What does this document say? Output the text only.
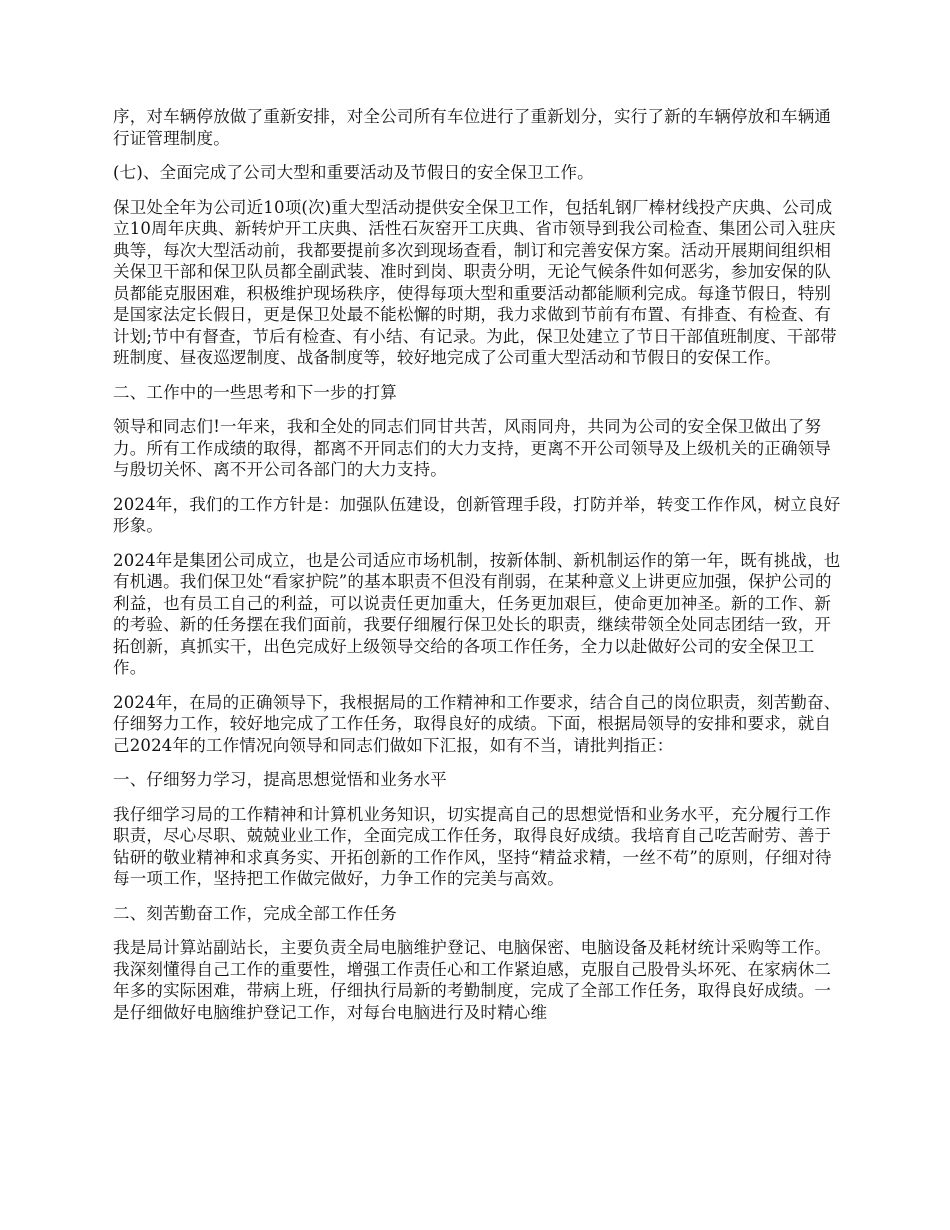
序，对车辆停放做了重新安排，对全公司所有车位进行了重新划分，实行了新的车辆停放和车辆通行证管理制度。

(七)、全面完成了公司大型和重要活动及节假日的安全保卫工作。

保卫处全年为公司近10项(次)重大型活动提供安全保卫工作，包括轧钢厂棒材线投产庆典、公司成立10周年庆典、新转炉开工庆典、活性石灰窑开工庆典、省市领导到我公司检查、集团公司入驻庆典等，每次大型活动前，我都要提前多次到现场查看，制订和完善安保方案。活动开展期间组织相关保卫干部和保卫队员都全副武装、准时到岗、职责分明，无论气候条件如何恶劣，参加安保的队员都能克服困难，积极维护现场秩序，使得每项大型和重要活动都能顺利完成。每逢节假日，特别是国家法定长假日，更是保卫处最不能松懈的时期，我力求做到节前有布置、有排查、有检查、有计划;节中有督查，节后有检查、有小结、有记录。为此，保卫处建立了节日干部值班制度、干部带班制度、昼夜巡逻制度、战备制度等，较好地完成了公司重大型活动和节假日的安保工作。

二、工作中的一些思考和下一步的打算

领导和同志们!一年来，我和全处的同志们同甘共苦，风雨同舟，共同为公司的安全保卫做出了努力。所有工作成绩的取得，都离不开同志们的大力支持，更离不开公司领导及上级机关的正确领导与殷切关怀、离不开公司各部门的大力支持。

2024年，我们的工作方针是：加强队伍建设，创新管理手段，打防并举，转变工作作风，树立良好形象。

2024年是集团公司成立，也是公司适应市场机制，按新体制、新机制运作的第一年，既有挑战，也有机遇。我们保卫处“看家护院”的基本职责不但没有削弱，在某种意义上讲更应加强，保护公司的利益，也有员工自己的利益，可以说责任更加重大，任务更加艰巨，使命更加神圣。新的工作、新的考验、新的任务摆在我们面前，我要仔细履行保卫处长的职责，继续带领全处同志团结一致，开拓创新，真抓实干，出色完成好上级领导交给的各项工作任务，全力以赴做好公司的安全保卫工作。

2024年，在局的正确领导下，我根据局的工作精神和工作要求，结合自己的岗位职责，刻苦勤奋、仔细努力工作，较好地完成了工作任务，取得良好的成绩。下面，根据局领导的安排和要求，就自己2024年的工作情况向领导和同志们做如下汇报，如有不当，请批判指正：

一、仔细努力学习，提高思想觉悟和业务水平

我仔细学习局的工作精神和计算机业务知识，切实提高自己的思想觉悟和业务水平，充分履行工作职责，尽心尽职、兢兢业业工作，全面完成工作任务，取得良好成绩。我培育自己吃苦耐劳、善于钻研的敬业精神和求真务实、开拓创新的工作作风，坚持“精益求精，一丝不苟”的原则，仔细对待每一项工作，坚持把工作做完做好，力争工作的完美与高效。

二、刻苦勤奋工作，完成全部工作任务

我是局计算站副站长，主要负责全局电脑维护登记、电脑保密、电脑设备及耗材统计采购等工作。我深刻懂得自己工作的重要性，增强工作责任心和工作紧迫感，克服自己股骨头坏死、在家病休二年多的实际困难，带病上班，仔细执行局新的考勤制度，完成了全部工作任务，取得良好成绩。一是仔细做好电脑维护登记工作，对每台电脑进行及时精心维
